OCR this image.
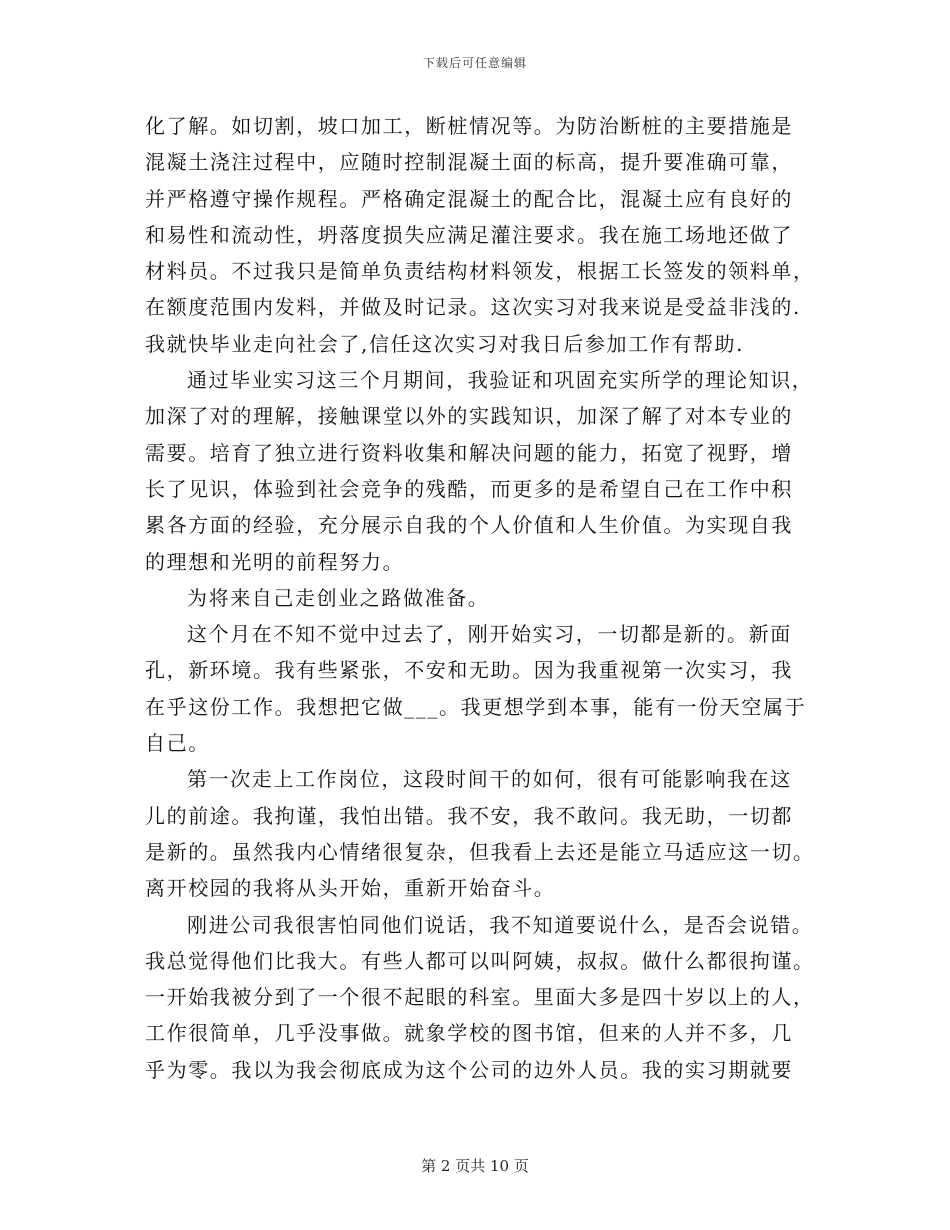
下载后可任意编辑
化了解。如切割，坡口加工，断桩情况等。为防治断桩的主要措施是
混凝土浇注过程中，应随时控制混凝土面的标高，提升要准确可靠，
并严格遵守操作规程。严格确定混凝土的配合比，混凝土应有良好的
和易性和流动性，坍落度损失应满足灌注要求。我在施工场地还做了
材料员。不过我只是简单负责结构材料领发，根据工长签发的领料单，
在额度范围内发料，并做及时记录。这次实习对我来说是受益非浅的.
我就快毕业走向社会了,信任这次实习对我日后参加工作有帮助.
通过毕业实习这三个月期间，我验证和巩固充实所学的理论知识，
加深了对的理解，接触课堂以外的实践知识，加深了解了对本专业的
需要。培育了独立进行资料收集和解决问题的能力，拓宽了视野，增
长了见识，体验到社会竞争的残酷，而更多的是希望自己在工作中积
累各方面的经验，充分展示自我的个人价值和人生价值。为实现自我
的理想和光明的前程努力。
为将来自己走创业之路做准备。
这个月在不知不觉中过去了，刚开始实习，一切都是新的。新面
孔，新环境。我有些紧张，不安和无助。因为我重视第一次实习，我
在乎这份工作。我想把它做___。我更想学到本事，能有一份天空属于
自己。
第一次走上工作岗位，这段时间干的如何，很有可能影响我在这
儿的前途。我拘谨，我怕出错。我不安，我不敢问。我无助，一切都
是新的。虽然我内心情绪很复杂，但我看上去还是能立马适应这一切。
离开校园的我将从头开始，重新开始奋斗。
刚进公司我很害怕同他们说话，我不知道要说什么，是否会说错。
我总觉得他们比我大。有些人都可以叫阿姨，叔叔。做什么都很拘谨。
一开始我被分到了一个很不起眼的科室。里面大多是四十岁以上的人，
工作很简单，几乎没事做。就象学校的图书馆，但来的人并不多，几
乎为零。我以为我会彻底成为这个公司的边外人员。我的实习期就要
第 2 页共 10 页
